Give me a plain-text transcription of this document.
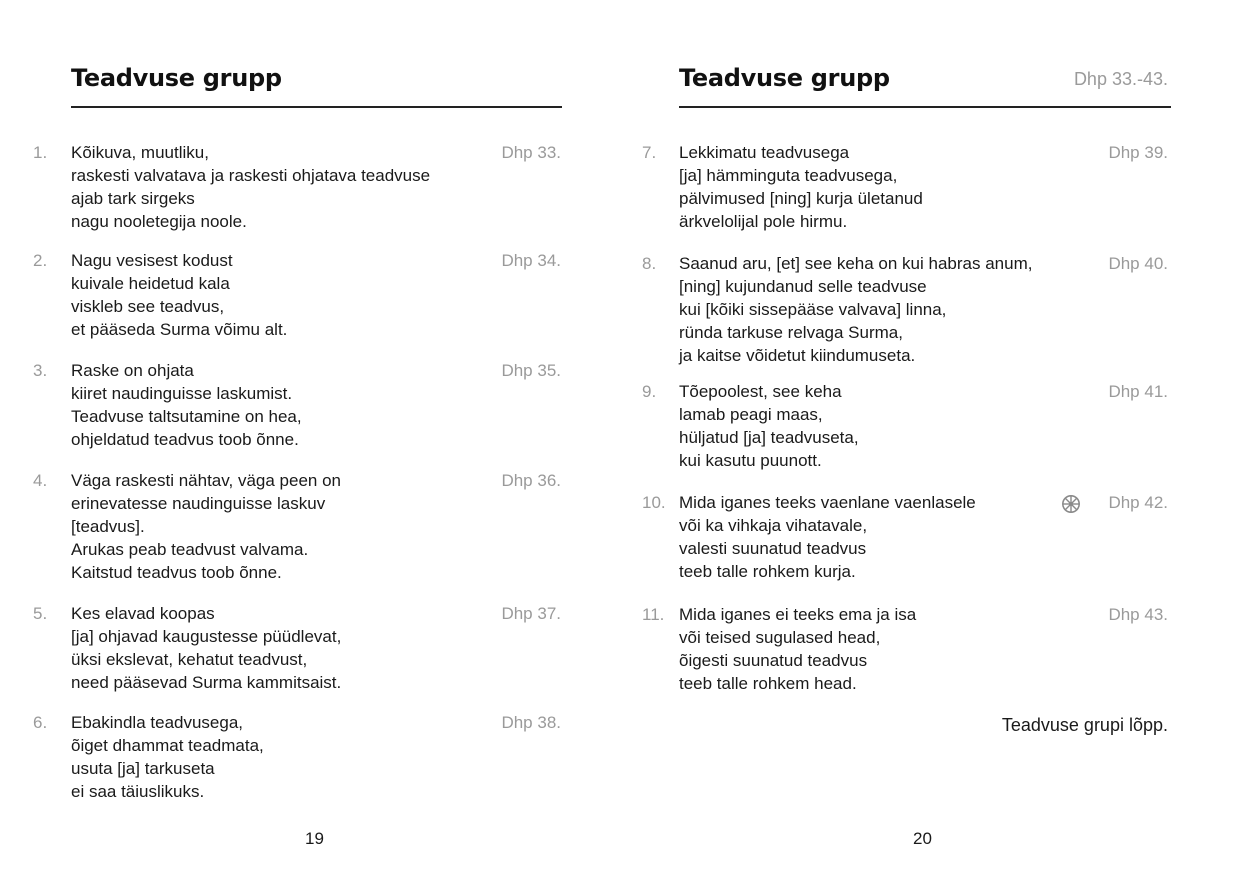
Teadvuse grupp
1. Kõikuva, muutliku,
raskesti valvatava ja raskesti ohjatava teadvuse
ajab tark sirgeks
nagu nooletegija noole.
Dhp 33.
2. Nagu vesisest kodust
kuivale heidetud kala
viskleb see teadvus,
et pääseda Surma võimu alt.
Dhp 34.
3. Raske on ohjata
kiiret naudinguisse laskumist.
Teadvuse taltsutamine on hea,
ohjeldatud teadvus toob õnne.
Dhp 35.
4. Väga raskesti nähtav, väga peen on
erinevatesse naudinguisse laskuv
[teadvus].
Arukas peab teadvust valvama.
Kaitstud teadvus toob õnne.
Dhp 36.
5. Kes elavad koopas
[ja] ohjavad kaugustesse püüdlevat,
üksi ekslevat, kehatut teadvust,
need pääsevad Surma kammitsaist.
Dhp 37.
6. Ebakindla teadvusega,
õiget dhammat teadmata,
usuta [ja] tarkuseta
ei saa täiuslikuks.
Dhp 38.
19
Teadvuse grupp	Dhp 33.-43.
7. Lekkimatu teadvusega
[ja] hämminguta teadvusega,
pälvimused [ning] kurja ületanud
ärkvelolijal pole hirmu.
Dhp 39.
8. Saanud aru, [et] see keha on kui habras anum,
[ning] kujundanud selle teadvuse
kui [kõiki sissepääse valvava] linna,
ründa tarkuse relvaga Surma,
ja kaitse võidetut kiindumuseta.
Dhp 40.
9. Tõepoolest, see keha
lamab peagi maas,
hüljatud [ja] teadvuseta,
kui kasutu puunott.
Dhp 41.
10. Mida iganes teeks vaenlane vaenlasele
või ka vihkaja vihatavale,
valesti suunatud teadvus
teeb talle rohkem kurja.
Dhp 42.
11. Mida iganes ei teeks ema ja isa
või teised sugulased head,
õigesti suunatud teadvus
teeb talle rohkem head.
Dhp 43.
Teadvuse grupi lõpp.
20
